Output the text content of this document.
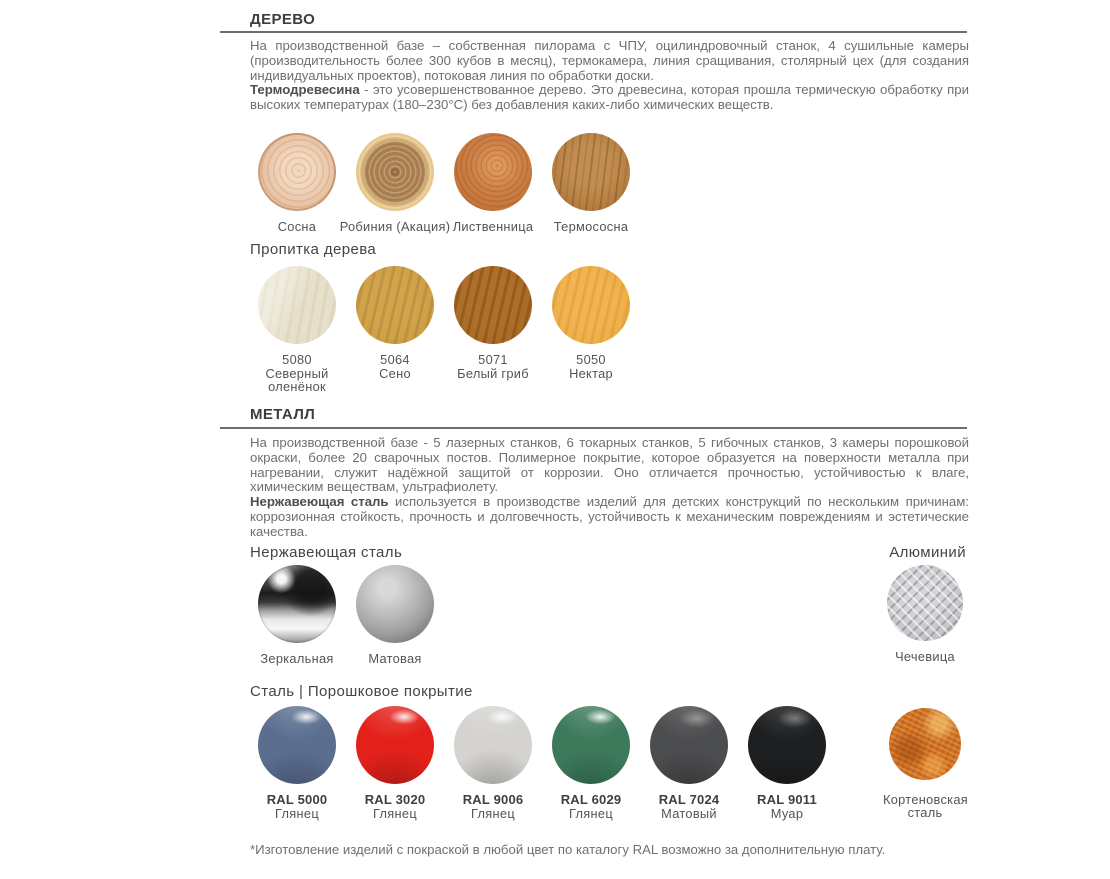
ДЕРЕВО

На производственной базе – собственная пилорама с ЧПУ, оцилиндровочный станок, 4 сушильные камеры (производительность более 300 кубов в месяц), термокамера, линия сращивания, столярный цех (для создания индивидуальных проектов), потоковая линия по обработки доски.

Термодревесина - это усовершенствованное дерево. Это древесина, которая прошла термическую обработку при высоких температурах (180–230°С) без добавления каких-либо химических веществ.

Сосна Робиния (Акация) Лиственница Термососна
Пропитка дерева
5080
Северный оленёнок
5064
Сено
5071
Белый гриб
5050
Нектар
МЕТАЛЛ

На производственной базе - 5 лазерных станков, 6 токарных станков, 5 гибочных станков, 3 камеры порошковой окраски, более 20 сварочных постов. Полимерное покрытие, которое образуется на поверхности металла при нагревании, служит надёжной защитой от коррозии. Оно отличается прочностью, устойчивостью к влаге, химическим веществам, ультрафиолету.

Нержавеющая сталь используется в производстве изделий для детских конструкций по нескольким причинам: коррозионная стойкость, прочность и долговечность, устойчивость к механическим повреждениям и эстетические качества.

Нержавеющая сталь	Алюминий
Зеркальная	Матовая	Чечевица
Сталь | Порошковое покрытие
RAL 5000
Глянец
RAL 3020
Глянец
RAL 9006
Глянец
RAL 6029
Глянец
RAL 7024
Матовый
RAL 9011
Муар
Кортеновская сталь
*Изготовление изделий с покраской в любой цвет по каталогу RAL возможно за дополнительную плату.
